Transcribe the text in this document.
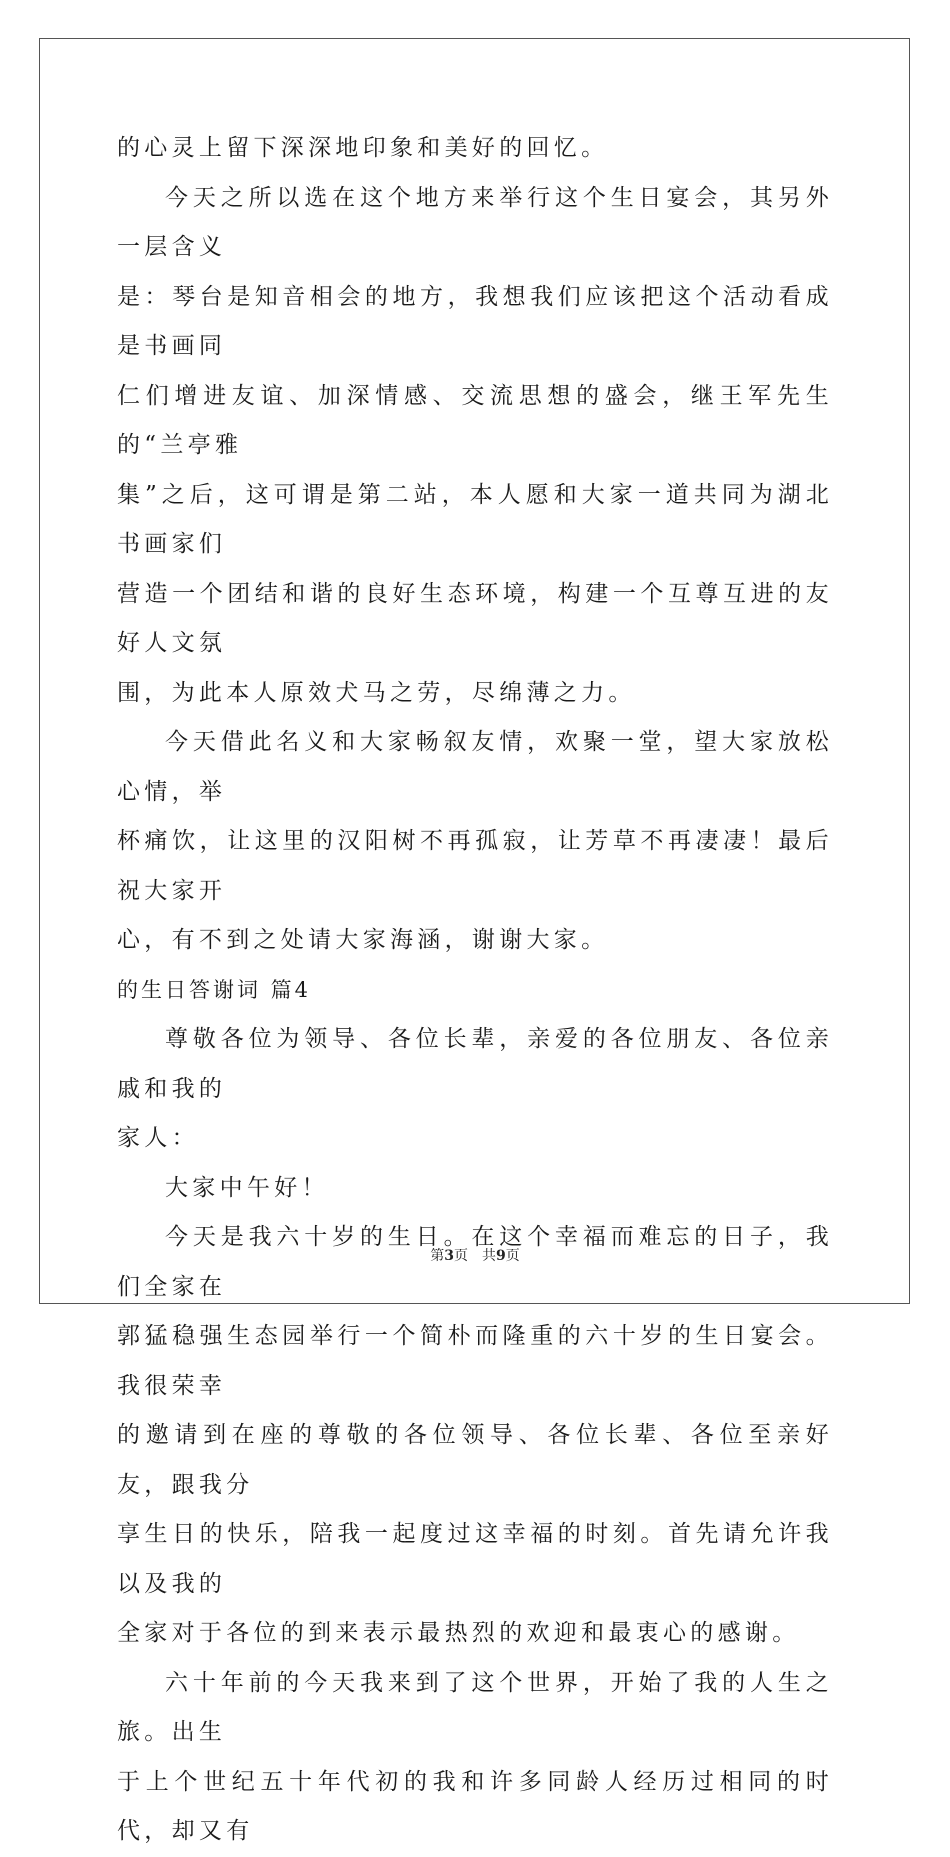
的心灵上留下深深地印象和美好的回忆。

今天之所以选在这个地方来举行这个生日宴会，其另外一层含义

是：琴台是知音相会的地方，我想我们应该把这个活动看成是书画同

仁们增进友谊、加深情感、交流思想的盛会，继王军先生的“兰亭雅

集”之后，这可谓是第二站，本人愿和大家一道共同为湖北书画家们

营造一个团结和谐的良好生态环境，构建一个互尊互进的友好人文氛

围，为此本人原效犬马之劳，尽绵薄之力。

今天借此名义和大家畅叙友情，欢聚一堂，望大家放松心情，举

杯痛饮，让这里的汉阳树不再孤寂，让芳草不再凄凄！最后祝大家开

心，有不到之处请大家海涵，谢谢大家。

的生日答谢词 篇4

尊敬各位为领导、各位长辈，亲爱的各位朋友、各位亲戚和我的

家人：

大家中午好！

今天是我六十岁的生日。在这个幸福而难忘的日子，我们全家在

郭猛稳强生态园举行一个简朴而隆重的六十岁的生日宴会。我很荣幸

的邀请到在座的尊敬的各位领导、各位长辈、各位至亲好友，跟我分

享生日的快乐，陪我一起度过这幸福的时刻。首先请允许我以及我的

全家对于各位的到来表示最热烈的欢迎和最衷心的感谢。

六十年前的今天我来到了这个世界，开始了我的人生之旅。出生

于上个世纪五十年代初的我和许多同龄人经历过相同的时代，却又有

第3页　共9页
